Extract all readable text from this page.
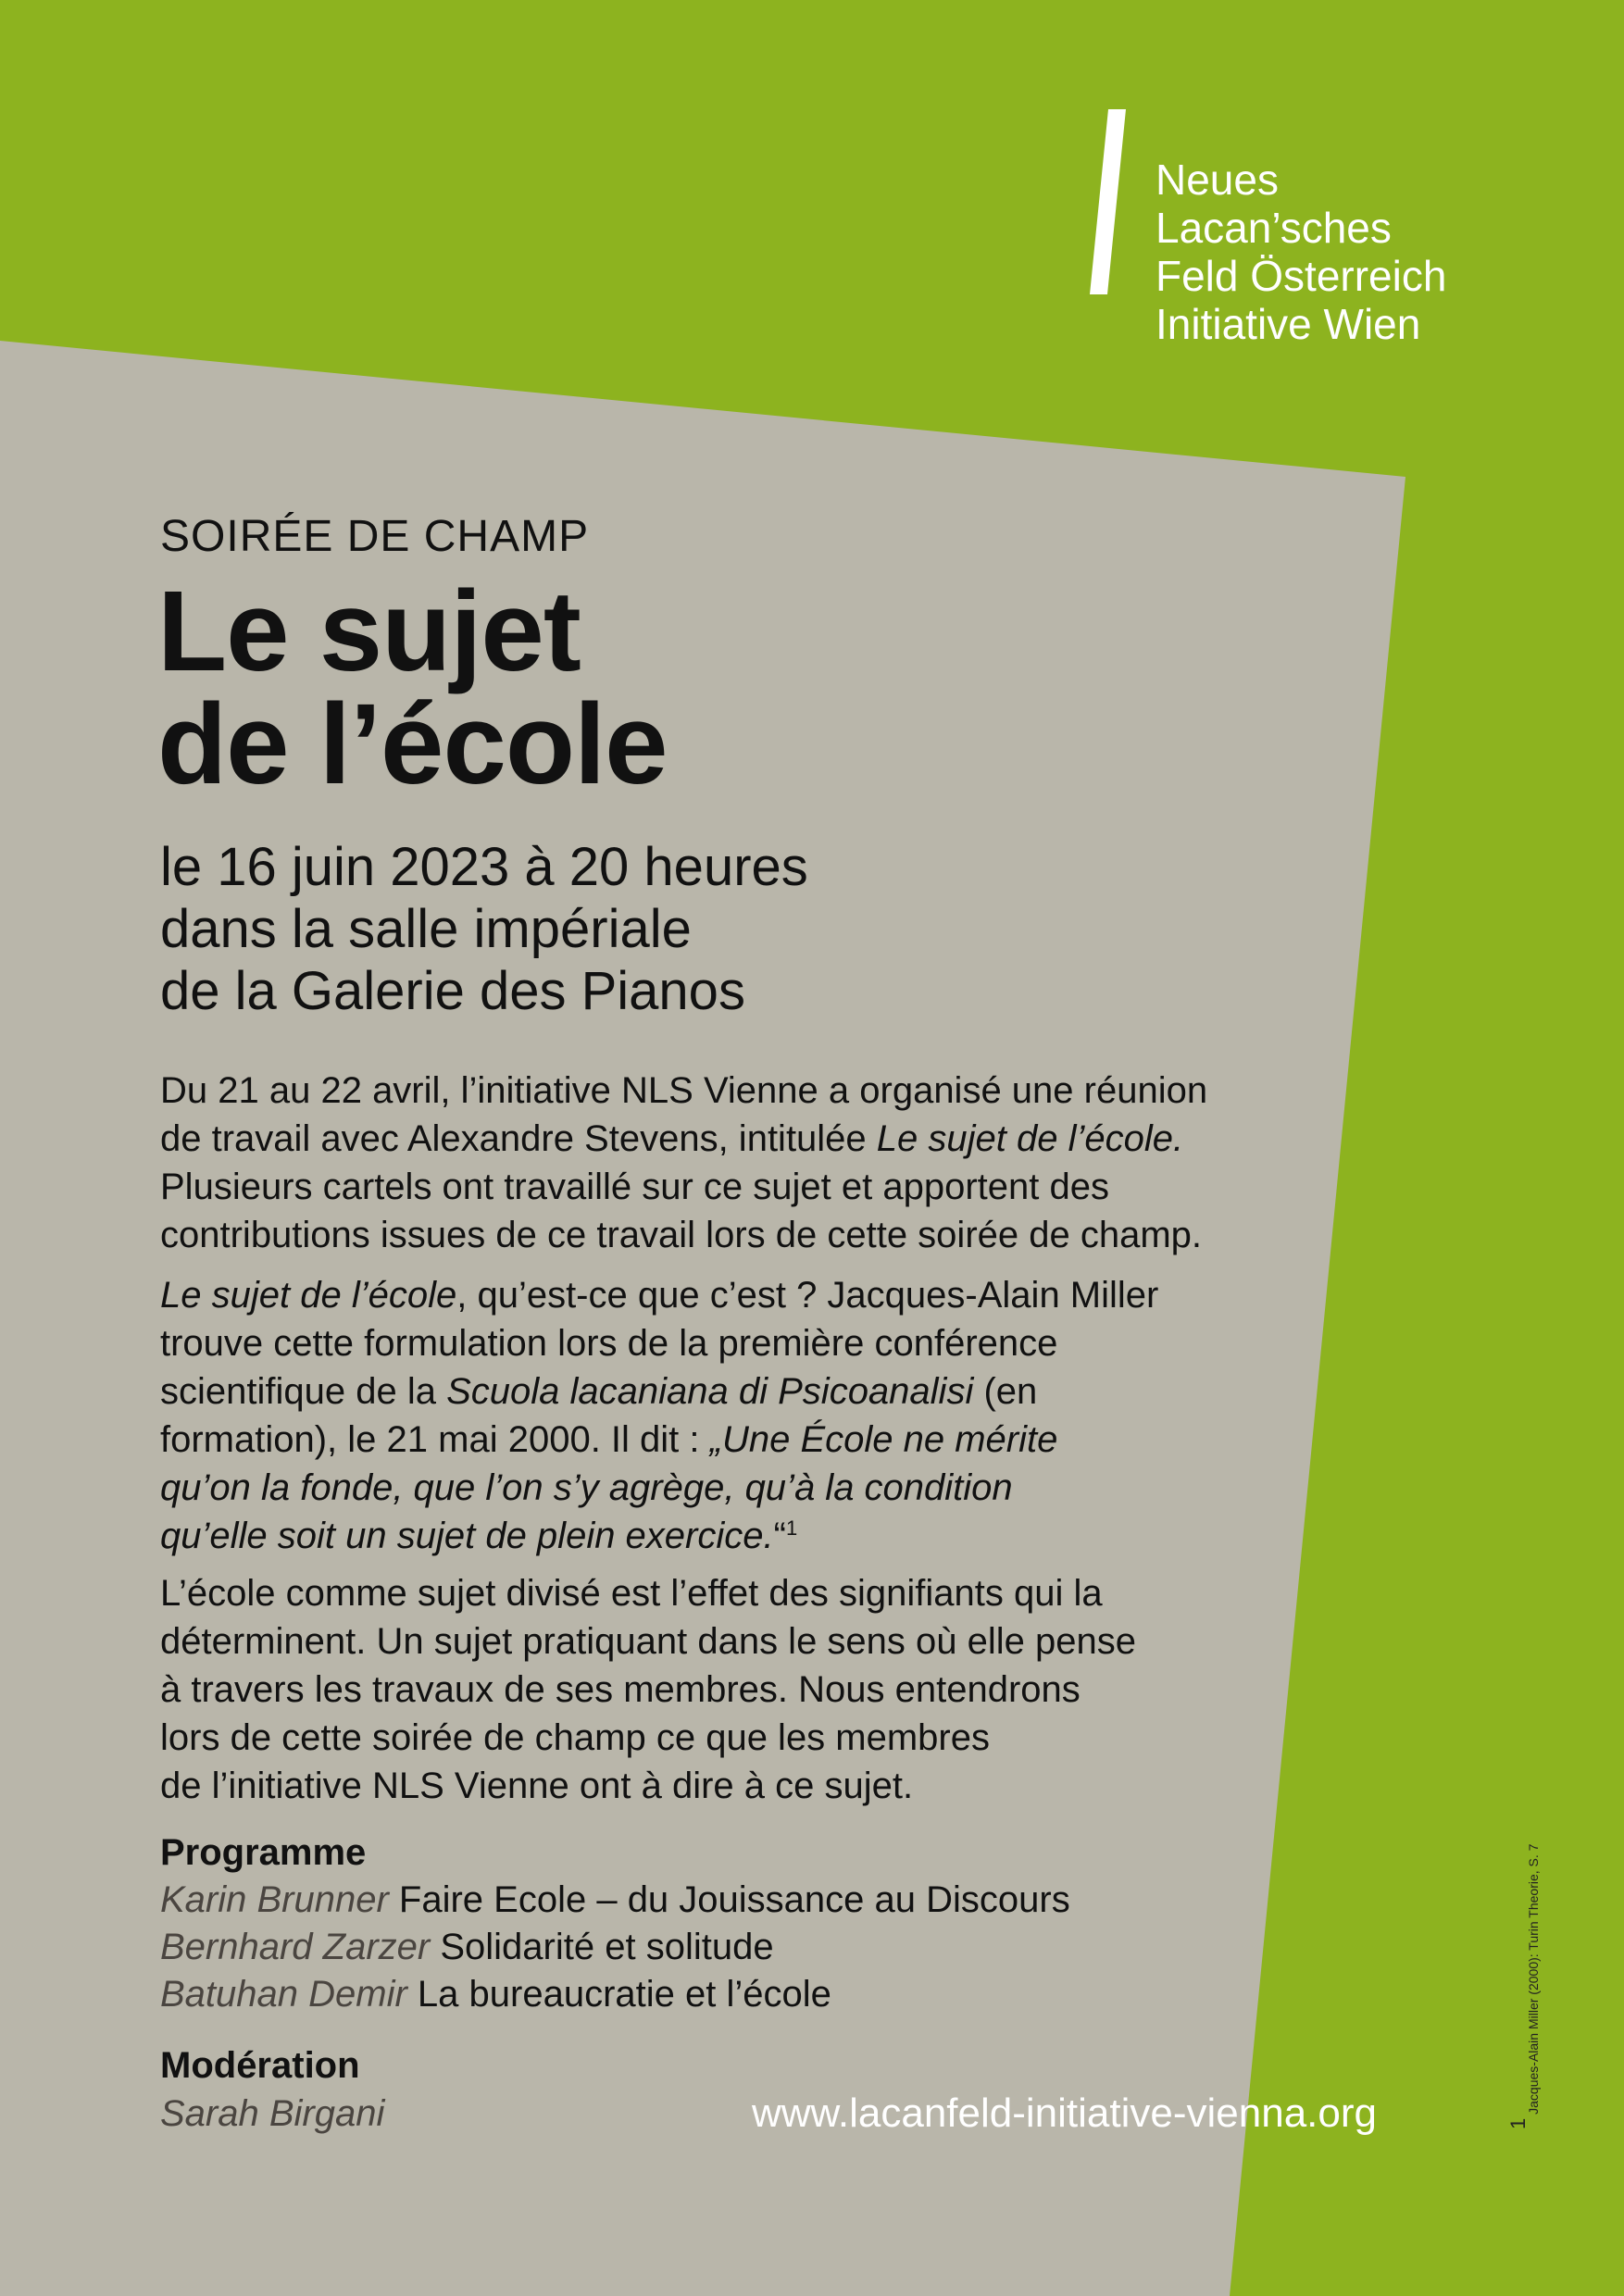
Neues
Lacan’sches
Feld Österreich
Initiative Wien
SOIRÉE DE CHAMP
Le sujet
de l’école
le 16 juin 2023 à 20 heures
dans la salle impériale
de la Galerie des Pianos
Du 21 au 22 avril, l’initiative NLS Vienne a organisé une réunion
de travail avec Alexandre Stevens, intitulée Le sujet de l’école.
Plusieurs cartels ont travaillé sur ce sujet et apportent des
contributions issues de ce travail lors de cette soirée de champ.
Le sujet de l’école, qu’est-ce que c’est ? Jacques-Alain Miller
trouve cette formulation lors de la première conférence
scientifique de la Scuola lacaniana di Psicoanalisi (en
formation), le 21 mai 2000. Il dit : „Une École ne mérite
qu’on la fonde, que l’on s’y agrège, qu’à la condition
qu’elle soit un sujet de plein exercice.“$^1$
L’école comme sujet divisé est l’effet des signifiants qui la
déterminent. Un sujet pratiquant dans le sens où elle pense
à travers les travaux de ses membres. Nous entendrons
lors de cette soirée de champ ce que les membres
de l’initiative NLS Vienne ont à dire à ce sujet.
Programme
Karin Brunner Faire Ecole – du Jouissance au Discours
Bernhard Zarzer Solidarité et solitude
Batuhan Demir La bureaucratie et l’école
Modération
Sarah Birgani	www.lacanfeld-initiative-vienna.org	$^1$ Jacques-Alain Miller (2000): Turin Theorie, S. 7
